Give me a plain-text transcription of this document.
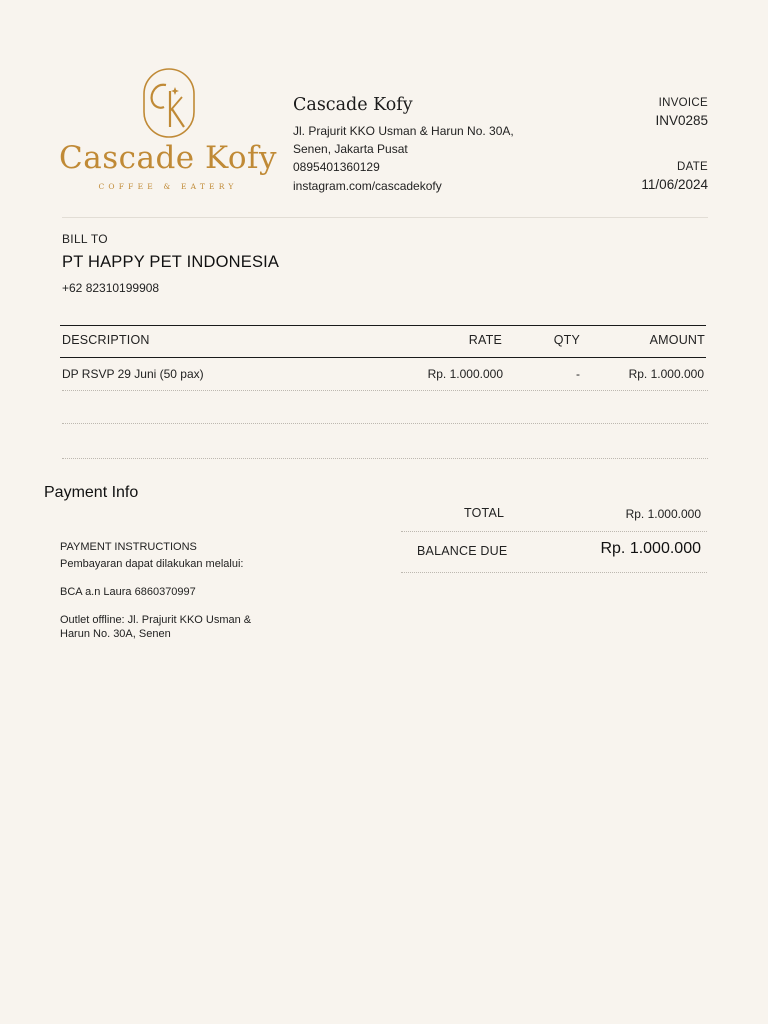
Cascade Kofy
COFFEE & EATERY
Cascade Kofy
Jl. Prajurit KKO Usman & Harun No. 30A,
Senen, Jakarta Pusat
0895401360129
instagram.com/cascadekofy
INVOICE
INV0285
DATE
11/06/2024
BILL TO
PT HAPPY PET INDONESIA
+62 82310199908
DESCRIPTION	RATE	QTY	AMOUNT
DP RSVP 29 Juni (50 pax)	Rp. 1.000.000	-	Rp. 1.000.000
Payment Info
PAYMENT INSTRUCTIONS
Pembayaran dapat dilakukan melalui:
BCA a.n Laura 6860370997
Outlet offline: Jl. Prajurit KKO Usman &
Harun No. 30A, Senen
TOTAL	Rp. 1.000.000
BALANCE DUE	Rp. 1.000.000
